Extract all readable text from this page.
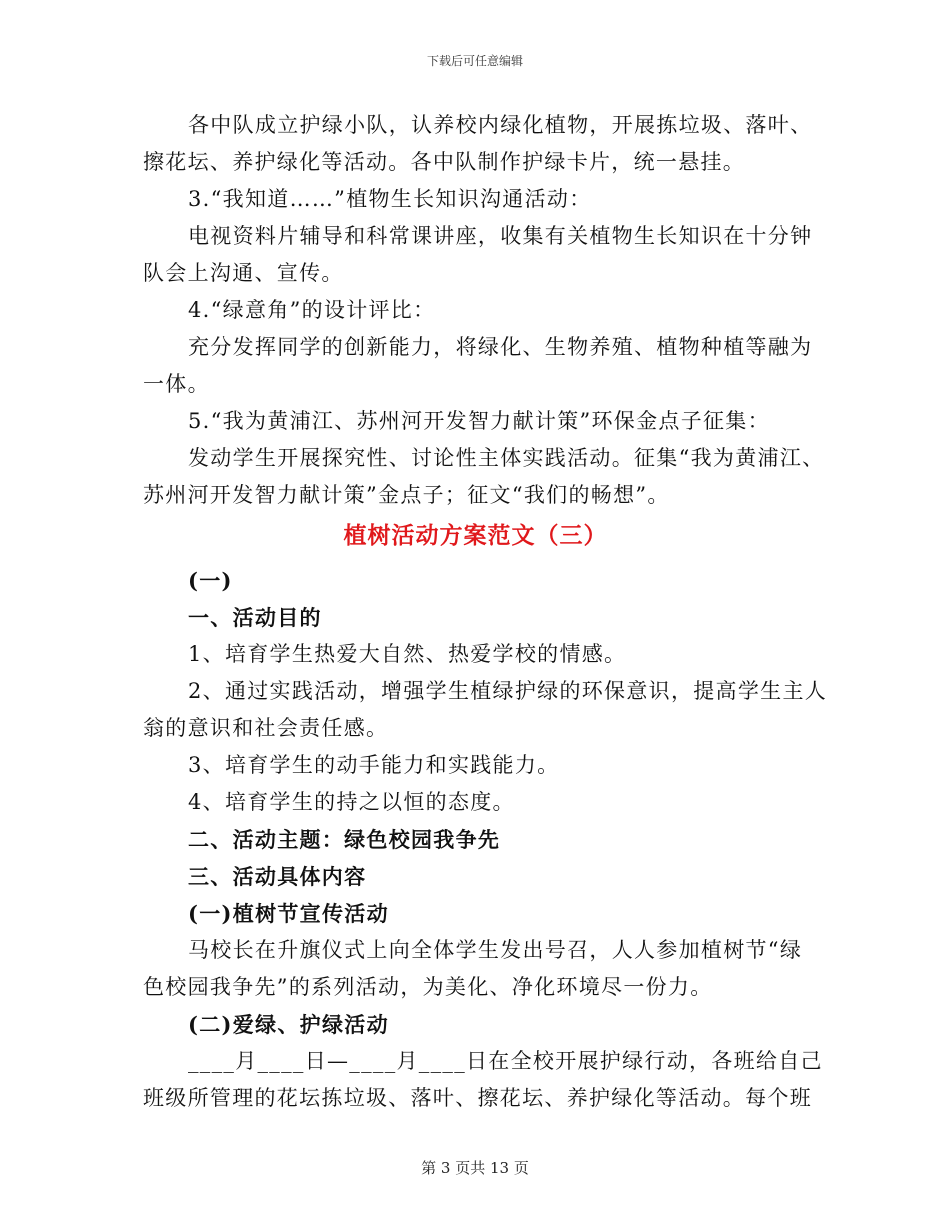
下载后可任意编辑
各中队成立护绿小队，认养校内绿化植物，开展拣垃圾、落叶、
擦花坛、养护绿化等活动。各中队制作护绿卡片，统一悬挂。
3.“我知道……”植物生长知识沟通活动：
电视资料片辅导和科常课讲座，收集有关植物生长知识在十分钟
队会上沟通、宣传。
4.“绿意角”的设计评比：
充分发挥同学的创新能力，将绿化、生物养殖、植物种植等融为
一体。
5.“我为黄浦江、苏州河开发智力献计策”环保金点子征集：
发动学生开展探究性、讨论性主体实践活动。征集“我为黄浦江、
苏州河开发智力献计策”金点子；征文“我们的畅想”。
植树活动方案范文（三）
(一)
一、活动目的
1、培育学生热爱大自然、热爱学校的情感。
2、通过实践活动，增强学生植绿护绿的环保意识，提高学生主人
翁的意识和社会责任感。
3、培育学生的动手能力和实践能力。
4、培育学生的持之以恒的态度。
二、活动主题：绿色校园我争先
三、活动具体内容
(一)植树节宣传活动
马校长在升旗仪式上向全体学生发出号召，人人参加植树节“绿
色校园我争先”的系列活动，为美化、净化环境尽一份力。
(二)爱绿、护绿活动
____月____日—____月____日在全校开展护绿行动，各班给自己
班级所管理的花坛拣垃圾、落叶、擦花坛、养护绿化等活动。每个班
第 3 页共 13 页
